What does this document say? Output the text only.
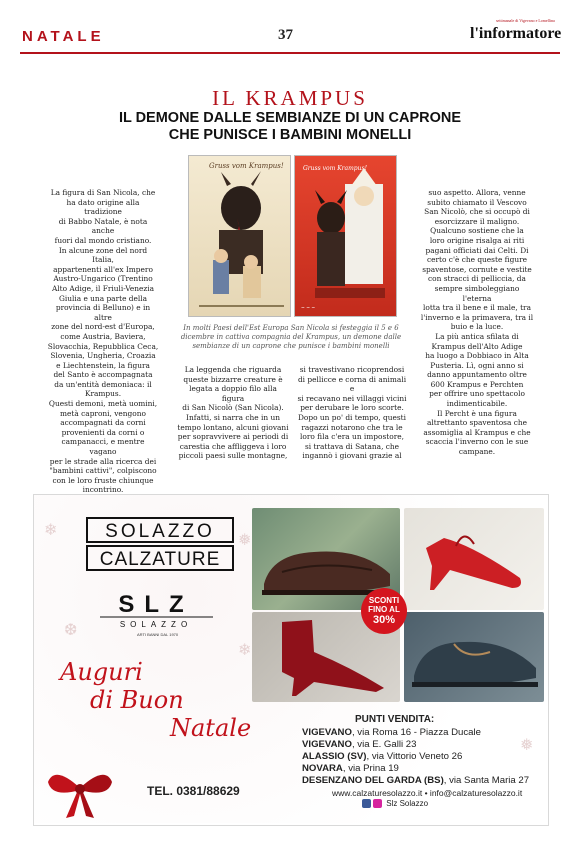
NATALE	37
settimanale di Vigevano e Lomellina
l'informatore
IL KRAMPUS
IL DEMONE DALLE SEMBIANZE DI UN CAPRONE
CHE PUNISCE I BAMBINI MONELLI
Gruss vom Krampus!	Gruss vom Krampus!
~ ~ ~
In molti Paesi dell'Est Europa San Nicola si festeggia il 5 e 6 dicembre in cattiva compagnia del Krampus, un demone dalle sembianze di un caprone che punisce i bambini monelli

La figura di San Nicola, che
ha dato origine alla tradizione
di Babbo Natale, è nota anche
fuori dal mondo cristiano.
In alcune zone del nord Italia,
appartenenti all'ex Impero
Austro-Ungarico (Trentino
Alto Adige, il Friuli-Venezia
Giulia e una parte della
provincia di Belluno) e in altre
zone del nord-est d'Europa,
come Austria, Baviera,
Slovacchia, Repubblica Ceca,
Slovenia, Ungheria, Croazia
e Liechtenstein, la figura
del Santo è accompagnata
da un'entità demoniaca: il
Krampus.
Questi demoni, metà uomini,
metà caproni, vengono
accompagnati da corni
provenienti da corni o
campanacci, e mentre vagano
per le strade alla ricerca dei
"bambini cattivi", colpiscono
con le loro fruste chiunque
incontrino.

La leggenda che riguarda
queste bizzarre creature è
legata a doppio filo alla figura
di San Nicolò (San Nicola).
Infatti, si narra che in un
tempo lontano, alcuni giovani
per sopravvivere ai periodi di
carestia che affliggeva i loro
piccoli paesi sulle montagne,

si travestivano ricoprendosi
di pellicce e corna di animali e
si recavano nei villaggi vicini
per derubare le loro scorte.
Dopo un po' di tempo, questi
ragazzi notarono che tra le
loro fila c'era un impostore,
si trattava di Satana, che
ingannò i giovani grazie al

suo aspetto. Allora, venne
subito chiamato il Vescovo
San Nicolò, che si occupò di
esorcizzare il maligno.
Qualcuno sostiene che la
loro origine risalga ai riti
pagani officiati dai Celti. Di
certo c'è che queste figure
spaventose, cornute e vestite
con stracci di pelliccia, da
sempre simboleggiano l'eterna
lotta tra il bene e il male, tra
l'inverno e la primavera, tra il
buio e la luce.
La più antica sfilata di
Krampus dell'Alto Adige
ha luogo a Dobbiaco in Alta
Pusteria. Lì, ogni anno si
danno appuntamento oltre
600 Krampus e Perchten
per offrire uno spettacolo
indimenticabile.
Il Percht è una figura
altrettanto spaventosa che
assomiglia al Krampus e che
scaccia l'inverno con le sue
campane.

❄
❅
❆
❄
❅
SOLAZZO
CALZATURE
SLZ
SOLAZZO
ARTI BANNI DAL 1970
Auguri
di Buon
Natale
TEL. 0381/88629
SCONTI
FINO AL
30%
PUNTI VENDITA:
VIGEVANO, via Roma 16 - Piazza Ducale
VIGEVANO, via E. Galli 23
ALASSIO (SV), via Vittorio Veneto 26
NOVARA, via Prina 19
DESENZANO DEL GARDA (BS), via Santa Maria 27
www.calzaturesolazzo.it • info@calzaturesolazzo.it
Slz Solazzo
